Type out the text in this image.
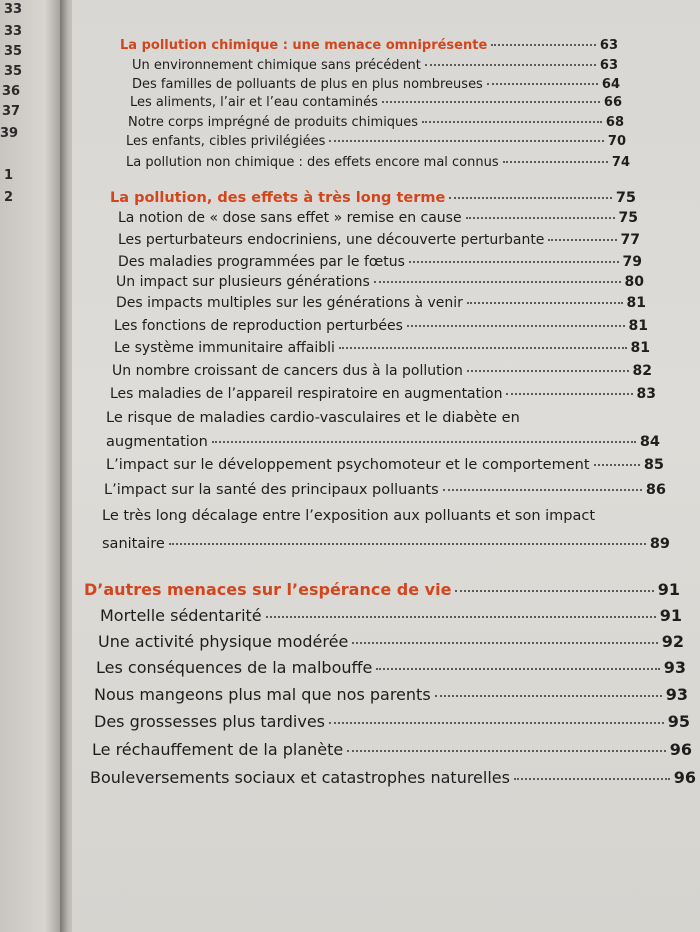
33
33
35
35
36
37
39
1
2
La pollution chimique : une menace omniprésente	63
Un environnement chimique sans précédent	63
Des familles de polluants de plus en plus nombreuses	64
Les aliments, l’air et l’eau contaminés	66
Notre corps imprégné de produits chimiques	68
Les enfants, cibles privilégiées	70
La pollution non chimique : des effets encore mal connus	74
La pollution, des effets à très long terme	75
La notion de « dose sans effet » remise en cause	75
Les perturbateurs endocriniens, une découverte perturbante	77
Des maladies programmées par le fœtus	79
Un impact sur plusieurs générations	80
Des impacts multiples sur les générations à venir	81
Les fonctions de reproduction perturbées	81
Le système immunitaire affaibli	81
Un nombre croissant de cancers dus à la pollution	82
Les maladies de l’appareil respiratoire en augmentation	83
Le risque de maladies cardio-vasculaires et le diabète en
augmentation	84
L’impact sur le développement psychomoteur et le comportement	85
L’impact sur la santé des principaux polluants	86
Le très long décalage entre l’exposition aux polluants et son impact
sanitaire	89
D’autres menaces sur l’espérance de vie	91
Mortelle sédentarité	91
Une activité physique modérée	92
Les conséquences de la malbouffe	93
Nous mangeons plus mal que nos parents	93
Des grossesses plus tardives	95
Le réchauffement de la planète	96
Bouleversements sociaux et catastrophes naturelles	96
